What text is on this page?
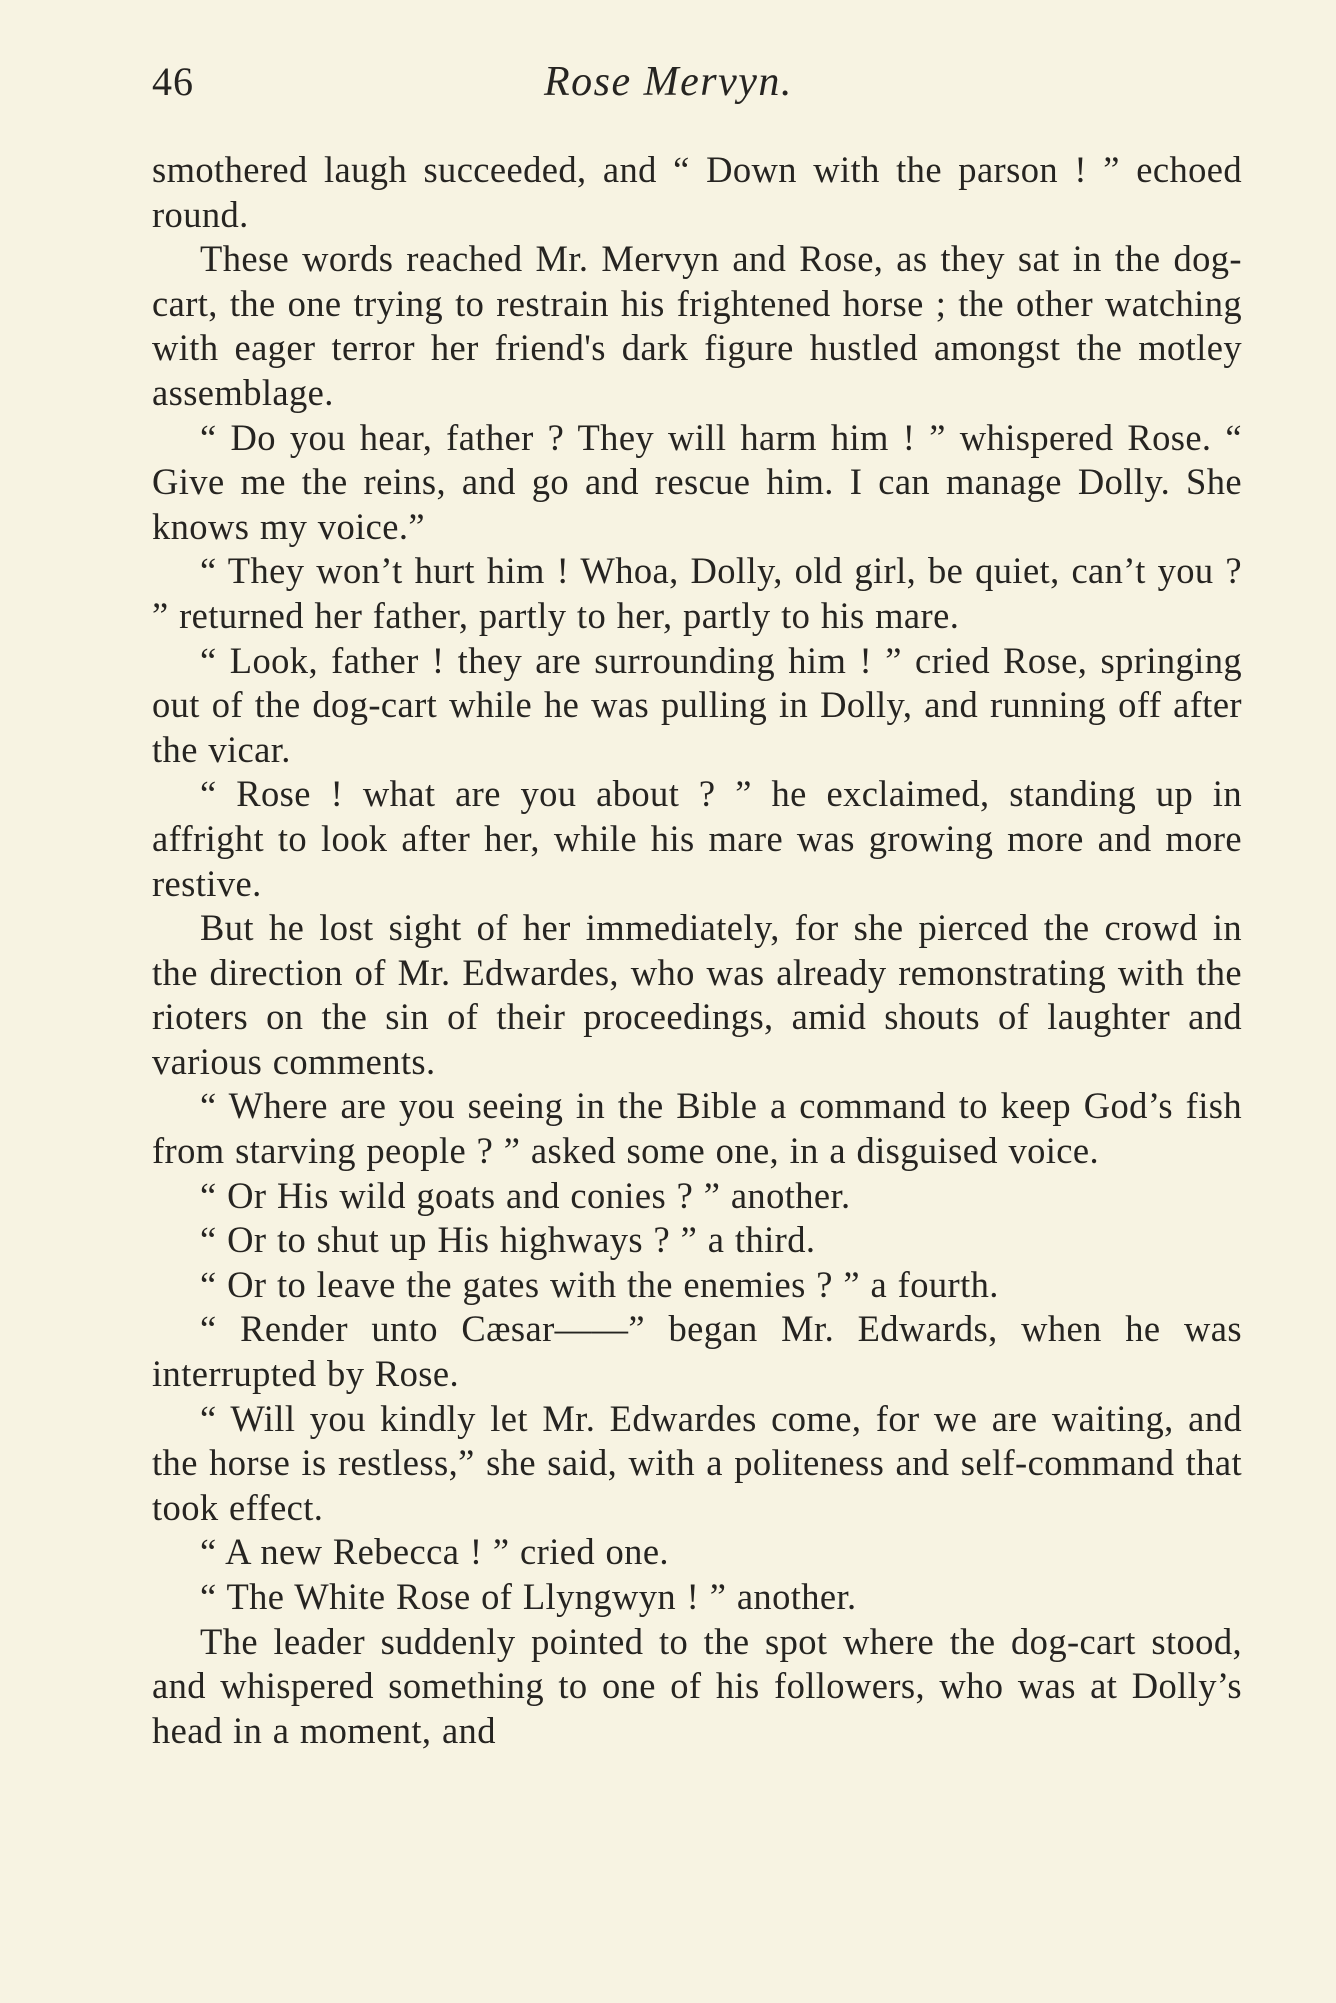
46	Rose Mervyn.

smothered laugh succeeded, and “ Down with the parson ! ” echoed round.

These words reached Mr. Mervyn and Rose, as they sat in the dog-cart, the one trying to restrain his frightened horse ; the other watching with eager terror her friend's dark figure hustled amongst the motley assemblage.

“ Do you hear, father ? They will harm him ! ” whispered Rose. “ Give me the reins, and go and rescue him. I can manage Dolly. She knows my voice.”

“ They won’t hurt him ! Whoa, Dolly, old girl, be quiet, can’t you ? ” returned her father, partly to her, partly to his mare.

“ Look, father ! they are surrounding him ! ” cried Rose, springing out of the dog-cart while he was pulling in Dolly, and running off after the vicar.

“ Rose ! what are you about ? ” he exclaimed, standing up in affright to look after her, while his mare was growing more and more restive.

But he lost sight of her immediately, for she pierced the crowd in the direction of Mr. Edwardes, who was already remonstrating with the rioters on the sin of their proceedings, amid shouts of laughter and various comments.

“ Where are you seeing in the Bible a command to keep God’s fish from starving people ? ” asked some one, in a disguised voice.

“ Or His wild goats and conies ? ” another.

“ Or to shut up His highways ? ” a third.

“ Or to leave the gates with the enemies ? ” a fourth.

“ Render unto Cæsar——” began Mr. Edwards, when he was interrupted by Rose.

“ Will you kindly let Mr. Edwardes come, for we are waiting, and the horse is restless,” she said, with a politeness and self-command that took effect.

“ A new Rebecca ! ” cried one.

“ The White Rose of Llyngwyn ! ” another.

The leader suddenly pointed to the spot where the dog-cart stood, and whispered something to one of his followers, who was at Dolly’s head in a moment, and
